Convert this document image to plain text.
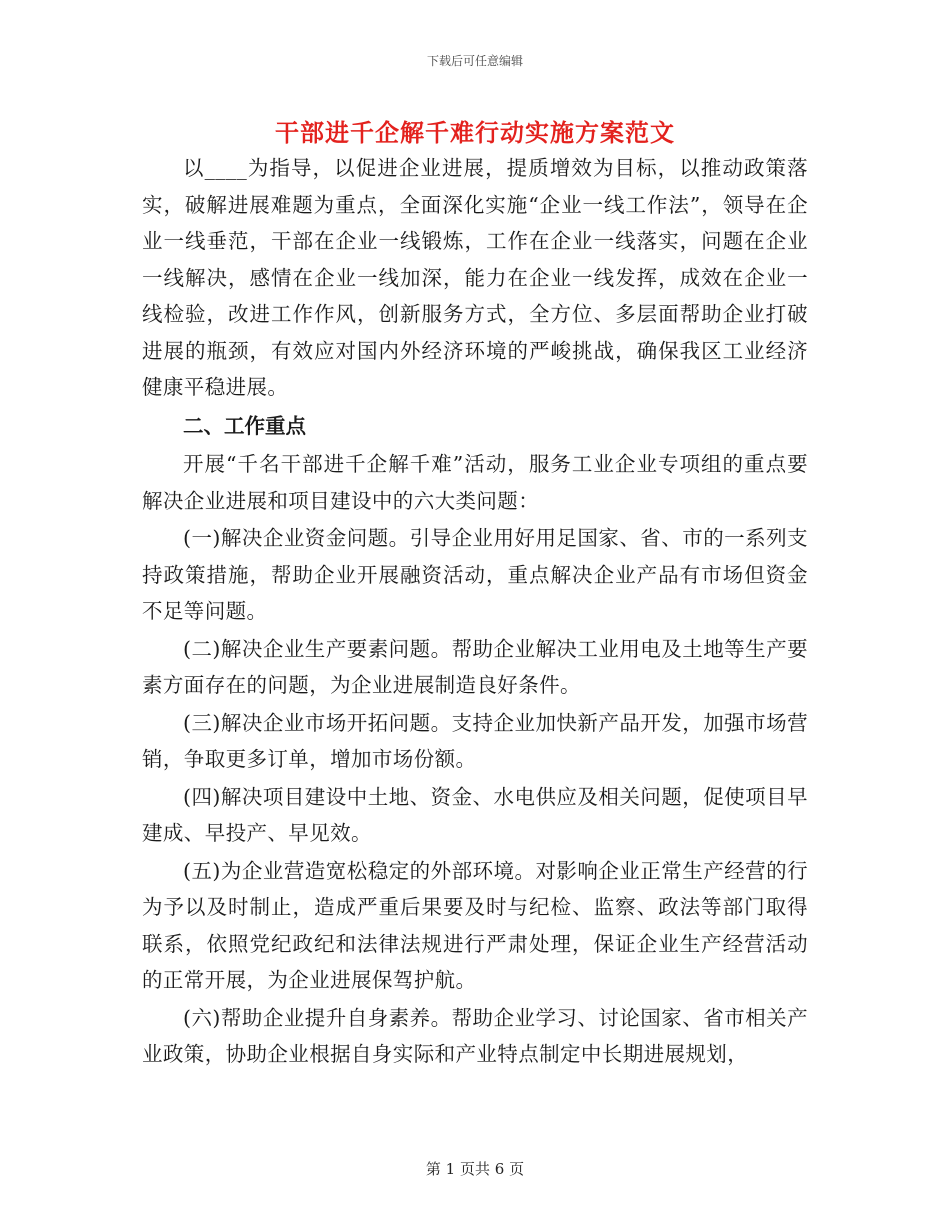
下载后可任意编辑
干部进千企解千难行动实施方案范文

以____为指导，以促进企业进展，提质增效为目标，以推动政策落实，破解进展难题为重点，全面深化实施“企业一线工作法”，领导在企业一线垂范，干部在企业一线锻炼，工作在企业一线落实，问题在企业一线解决，感情在企业一线加深，能力在企业一线发挥，成效在企业一线检验，改进工作作风，创新服务方式，全方位、多层面帮助企业打破进展的瓶颈，有效应对国内外经济环境的严峻挑战，确保我区工业经济健康平稳进展。

二、工作重点

开展“千名干部进千企解千难”活动，服务工业企业专项组的重点要解决企业进展和项目建设中的六大类问题：

(一)解决企业资金问题。引导企业用好用足国家、省、市的一系列支持政策措施，帮助企业开展融资活动，重点解决企业产品有市场但资金不足等问题。

(二)解决企业生产要素问题。帮助企业解决工业用电及土地等生产要素方面存在的问题，为企业进展制造良好条件。

(三)解决企业市场开拓问题。支持企业加快新产品开发，加强市场营销，争取更多订单，增加市场份额。

(四)解决项目建设中土地、资金、水电供应及相关问题，促使项目早建成、早投产、早见效。

(五)为企业营造宽松稳定的外部环境。对影响企业正常生产经营的行为予以及时制止，造成严重后果要及时与纪检、监察、政法等部门取得联系，依照党纪政纪和法律法规进行严肃处理，保证企业生产经营活动的正常开展，为企业进展保驾护航。

(六)帮助企业提升自身素养。帮助企业学习、讨论国家、省市相关产业政策，协助企业根据自身实际和产业特点制定中长期进展规划，

第 1 页共 6 页
